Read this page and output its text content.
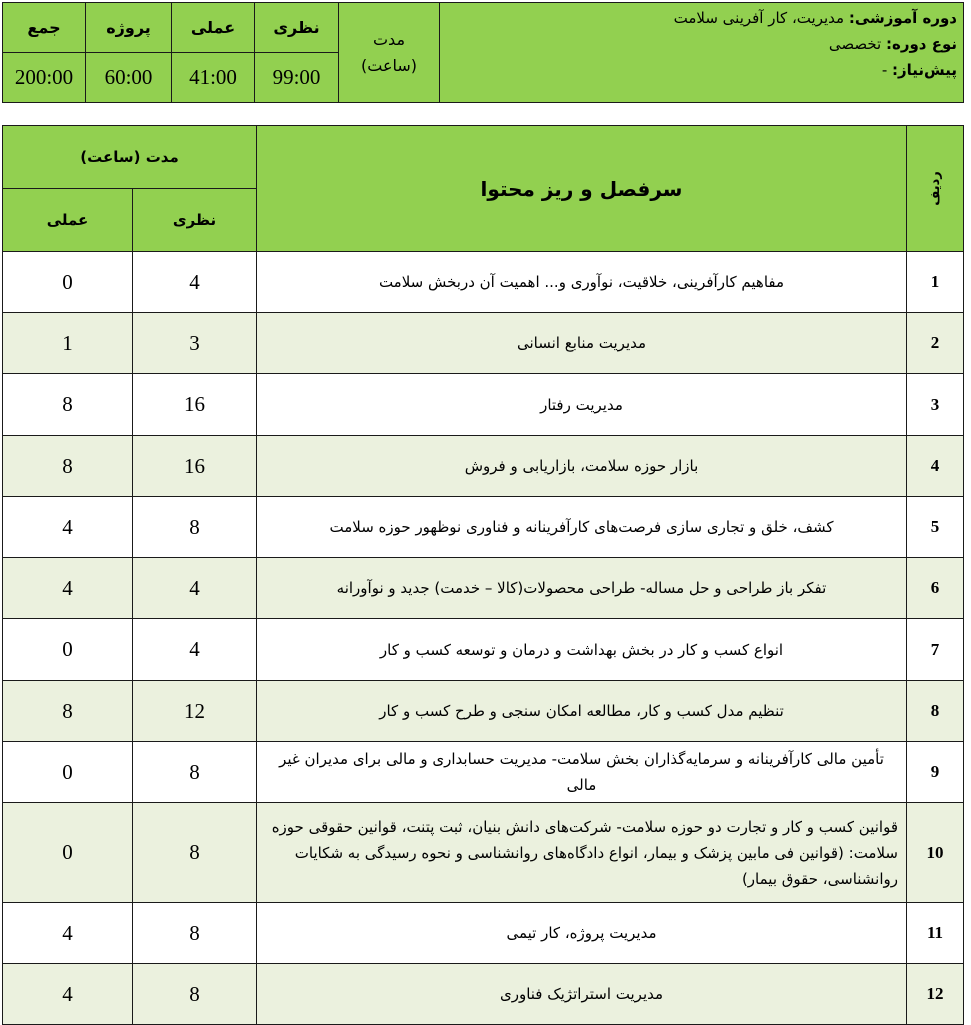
جمع	پروژه	عملی	نظری	مدت (ساعت)	دوره آموزشی: مدیریت، کار آفرینی سلامت
نوع دوره: تخصصی
پیش‌نیاز: -

200:00	60:00	41:00	99:00		
مدت (ساعت)		سرفصل و ریز محتوا	ردیف
عملی	نظری		
0	4	مفاهیم کارآفرینی، خلاقیت، نوآوری و... اهمیت آن دربخش سلامت	1
1	3	مدیریت منابع انسانی	2
8	16	مدیریت رفتار	3
8	16	بازار حوزه سلامت، بازاریابی و فروش	4
4	8	کشف، خلق و تجاری سازی فرصت‌های کارآفرینانه و فناوری نوظهور حوزه سلامت	5
4	4	تفکر باز طراحی و حل مساله- طراحی محصولات(کالا – خدمت) جدید و نوآورانه	6
0	4	انواع کسب و کار در بخش بهداشت و درمان و توسعه کسب و کار	7
8	12	تنظیم مدل کسب و کار، مطالعه امکان سنجی و طرح کسب و کار	8
0	8	تأمین مالی کارآفرینانه و سرمایه‌گذاران بخش سلامت- مدیریت حسابداری و مالی برای مدیران غیر مالی	9
0	8	قوانین کسب و کار و تجارت دو حوزه سلامت- شرکت‌های دانش بنیان، ثبت پتنت، قوانین حقوقی حوزه سلامت: (قوانین فی مابین پزشک و بیمار، انواع دادگاه‌های روانشناسی و نحوه رسیدگی به شکایات روانشناسی، حقوق بیمار)	10
4	8	مدیریت پروژه، کار تیمی	11
4	8	مدیریت استراتژیک فناوری	12
